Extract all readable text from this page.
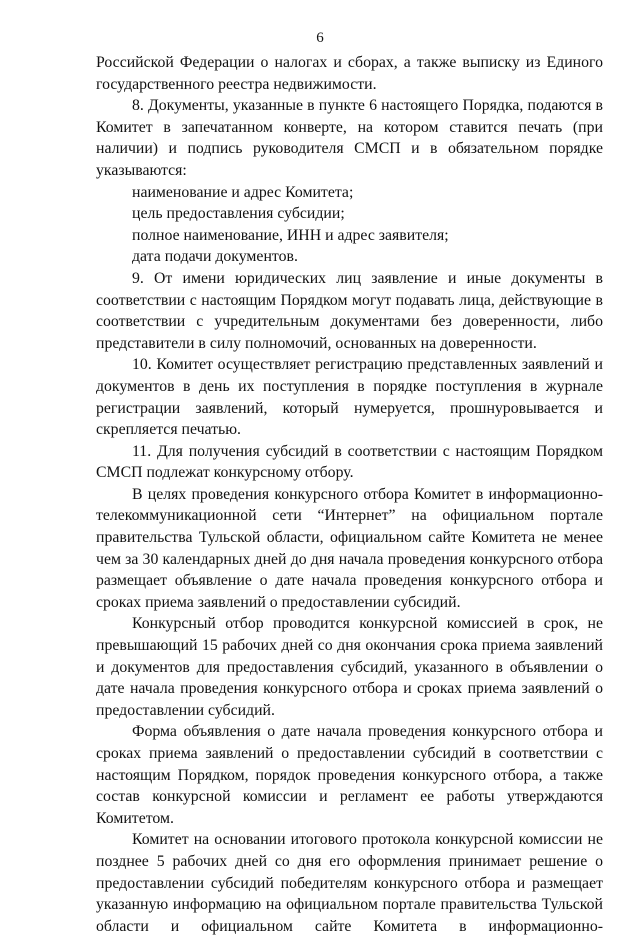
6

Российской Федерации о налогах и сборах, а также выписку из Единого государственного реестра недвижимости.

8. Документы, указанные в пункте 6 настоящего Порядка, подаются в Комитет в запечатанном конверте, на котором ставится печать (при наличии) и подпись руководителя СМСП и в обязательном порядке указываются:

наименование и адрес Комитета;

цель предоставления субсидии;

полное наименование, ИНН и адрес заявителя;

дата подачи документов.

9. От имени юридических лиц заявление и иные документы в соответствии с настоящим Порядком могут подавать лица, действующие в соответствии с учредительным документами без доверенности, либо представители в силу полномочий, основанных на доверенности.

10. Комитет осуществляет регистрацию представленных заявлений и документов в день их поступления в порядке поступления в журнале регистрации заявлений, который нумеруется, прошнуровывается и скрепляется печатью.

11. Для получения субсидий в соответствии с настоящим Порядком СМСП подлежат конкурсному отбору.

В целях проведения конкурсного отбора Комитет в информационно-телекоммуникационной сети “Интернет” на официальном портале правительства Тульской области, официальном сайте Комитета не менее чем за 30 календарных дней до дня начала проведения конкурсного отбора размещает объявление о дате начала проведения конкурсного отбора и сроках приема заявлений о предоставлении субсидий.

Конкурсный отбор проводится конкурсной комиссией в срок, не превышающий 15 рабочих дней со дня окончания срока приема заявлений и документов для предоставления субсидий, указанного в объявлении о дате начала проведения конкурсного отбора и сроках приема заявлений о предоставлении субсидий.

Форма объявления о дате начала проведения конкурсного отбора и сроках приема заявлений о предоставлении субсидий в соответствии с настоящим Порядком, порядок проведения конкурсного отбора, а также состав конкурсной комиссии и регламент ее работы утверждаются Комитетом.

Комитет на основании итогового протокола конкурсной комиссии не позднее 5 рабочих дней со дня его оформления принимает решение о предоставлении субсидий победителям конкурсного отбора и размещает указанную информацию на официальном портале правительства Тульской области и официальном сайте Комитета в информационно-
